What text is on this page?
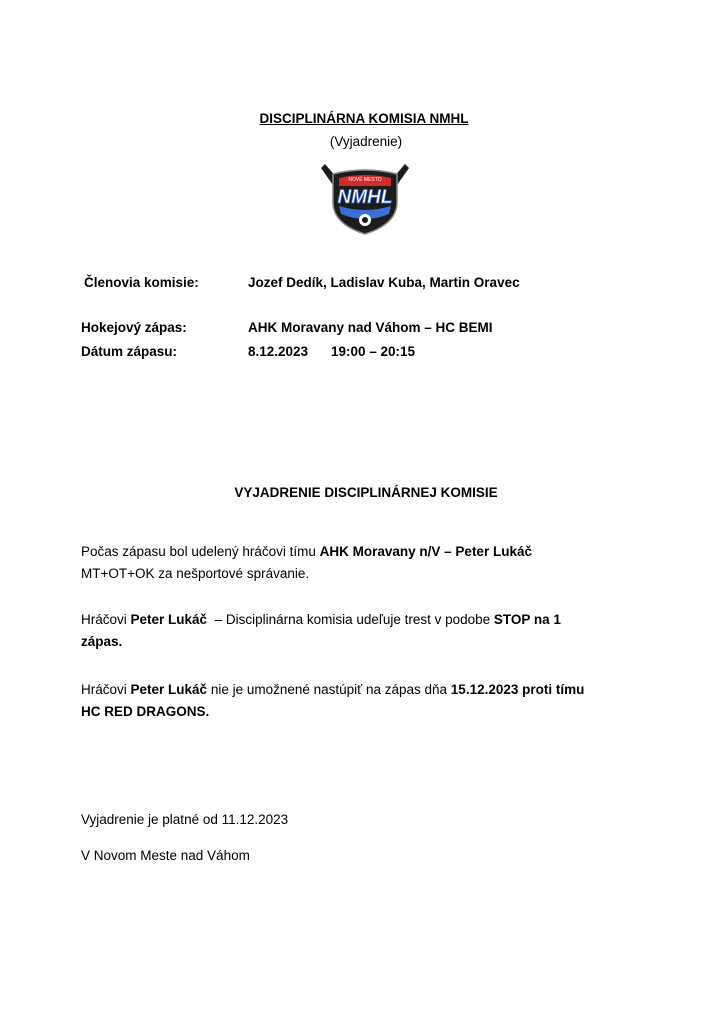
DISCIPLINÁRNA KOMISIA NMHL
(Vyjadrenie)
NOVÉ MESTO
NMHL
Členovia komisie:	Jozef Dedík, Ladislav Kuba, Martin Oravec
Hokejový zápas:	AHK Moravany nad Váhom – HC BEMI
Dátum zápasu:	8.12.2023 19:00 – 20:15
VYJADRENIE DISCIPLINÁRNEJ KOMISIE
Počas zápasu bol udelený hráčovi tímu AHK Moravany n/V – Peter Lukáč
MT+OT+OK za nešportové správanie.
Hráčovi Peter Lukáč  – Disciplinárna komisia udeľuje trest v podobe STOP na 1
zápas.
Hráčovi Peter Lukáč nie je umožnené nastúpiť na zápas dňa 15.12.2023 proti tímu
HC RED DRAGONS.
Vyjadrenie je platné od 11.12.2023
V Novom Meste nad Váhom
